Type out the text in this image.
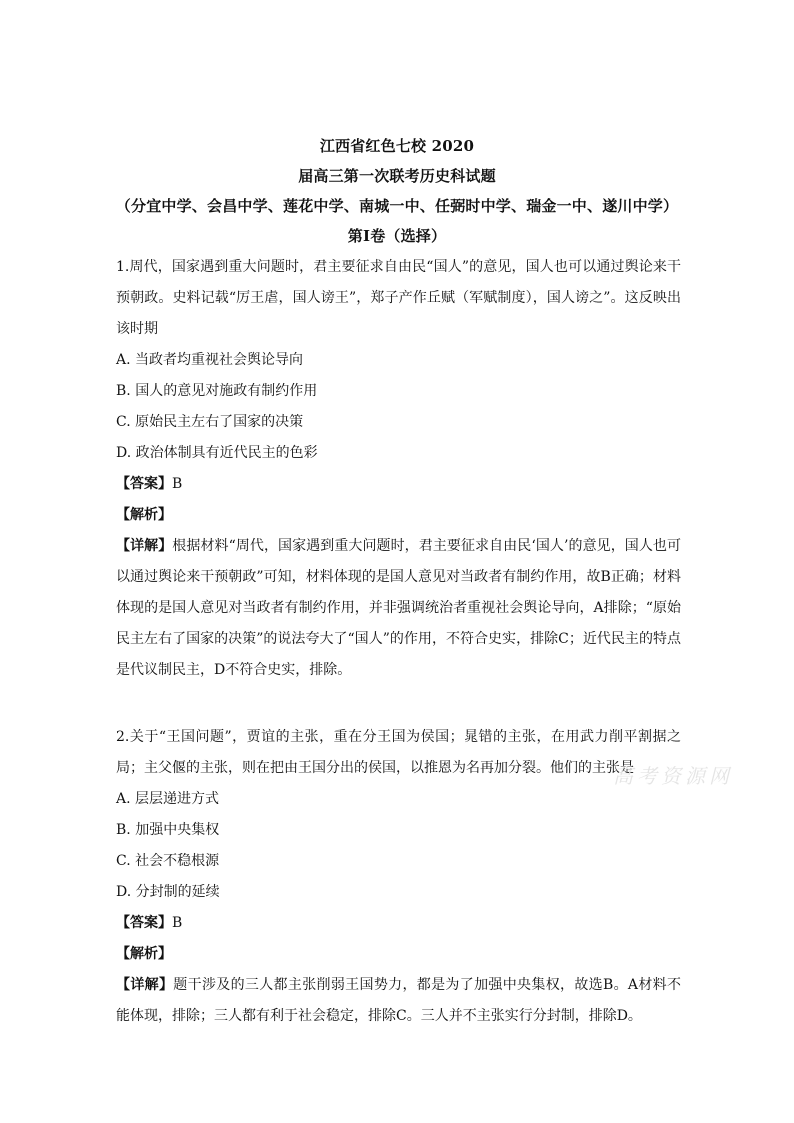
江西省红色七校 2020
届高三第一次联考历史科试题
（分宜中学、会昌中学、莲花中学、南城一中、任弼时中学、瑞金一中、遂川中学）
第Ⅰ卷（选择）

1.周代，国家遇到重大问题时，君主要征求自由民“国人”的意见，国人也可以通过舆论来干预朝政。史料记载“厉王虐，国人谤王”，郑子产作丘赋（军赋制度），国人谤之”。这反映出该时期

A. 当政者均重视社会舆论导向

B. 国人的意见对施政有制约作用

C. 原始民主左右了国家的决策

D. 政治体制具有近代民主的色彩

【答案】B

【解析】

【详解】根据材料“周代，国家遇到重大问题时，君主要征求自由民‘国人’的意见，国人也可以通过舆论来干预朝政”可知，材料体现的是国人意见对当政者有制约作用，故B正确；材料体现的是国人意见对当政者有制约作用，并非强调统治者重视社会舆论导向，A排除；“原始民主左右了国家的决策”的说法夸大了“国人”的作用，不符合史实，排除C；近代民主的特点是代议制民主，D不符合史实，排除。

2.关于“王国问题”，贾谊的主张，重在分王国为侯国；晁错的主张，在用武力削平割据之局；主父偃的主张，则在把由王国分出的侯国，以推恩为名再加分裂。他们的主张是

A. 层层递进方式

B. 加强中央集权

C. 社会不稳根源

D. 分封制的延续

【答案】B

【解析】

【详解】题干涉及的三人都主张削弱王国势力，都是为了加强中央集权，故选B。A材料不能体现，排除；三人都有利于社会稳定，排除C。三人并不主张实行分封制，排除D。

高考资源网
